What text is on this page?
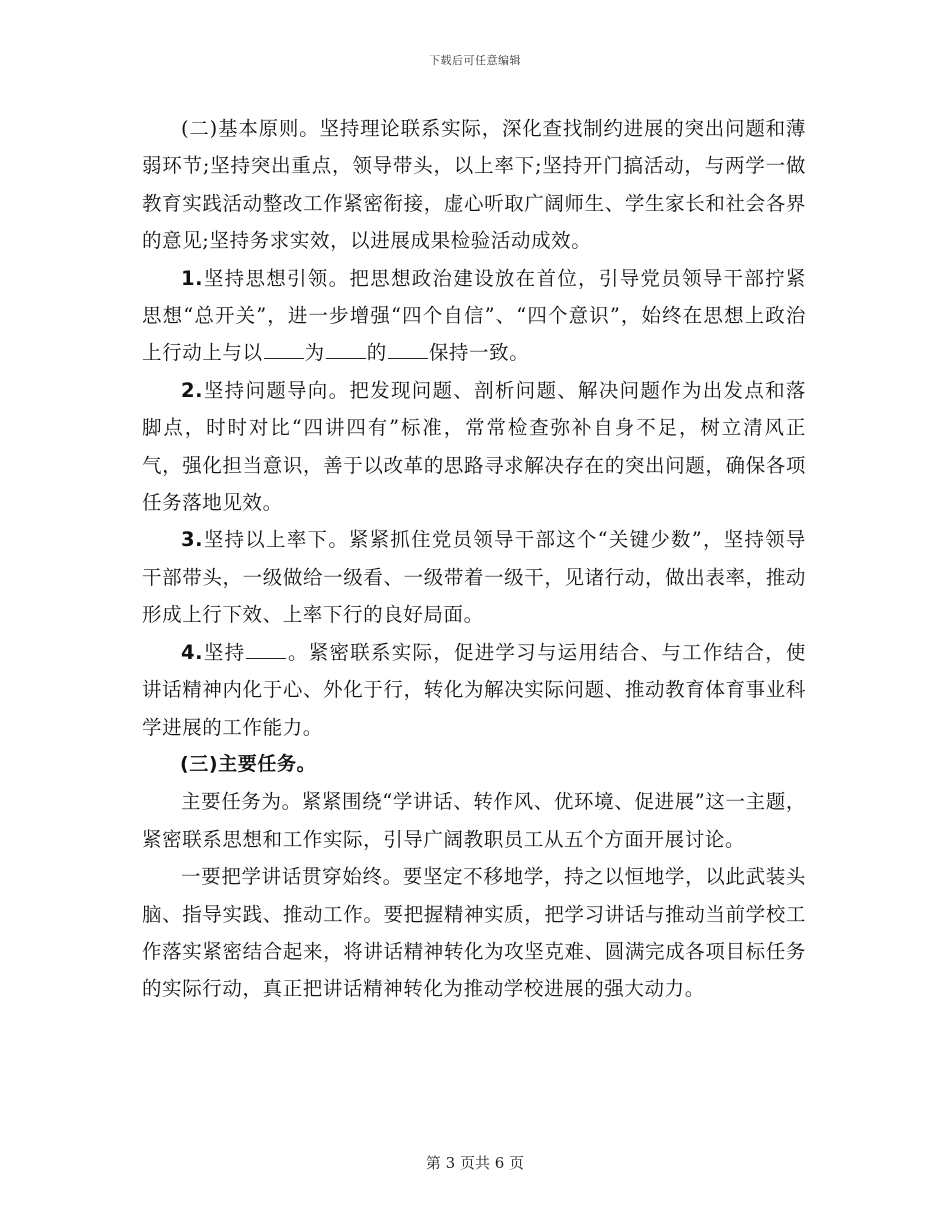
下载后可任意编辑

(二)基本原则。坚持理论联系实际，深化查找制约进展的突出问题和薄弱环节;坚持突出重点，领导带头，以上率下;坚持开门搞活动，与两学一做教育实践活动整改工作紧密衔接，虚心听取广阔师生、学生家长和社会各界的意见;坚持务求实效，以进展成果检验活动成效。

1.坚持思想引领。把思想政治建设放在首位，引导党员领导干部拧紧思想“总开关”，进一步增强“四个自信”、“四个意识”，始终在思想上政治上行动上与以 为 的 保持一致。

2.坚持问题导向。把发现问题、剖析问题、解决问题作为出发点和落脚点，时时对比“四讲四有”标准，常常检查弥补自身不足，树立清风正气，强化担当意识，善于以改革的思路寻求解决存在的突出问题，确保各项任务落地见效。

3.坚持以上率下。紧紧抓住党员领导干部这个“关键少数”，坚持领导干部带头，一级做给一级看、一级带着一级干，见诸行动，做出表率，推动形成上行下效、上率下行的良好局面。

4.坚持 。紧密联系实际，促进学习与运用结合、与工作结合，使讲话精神内化于心、外化于行，转化为解决实际问题、推动教育体育事业科学进展的工作能力。

(三)主要任务。

主要任务为。紧紧围绕“学讲话、转作风、优环境、促进展”这一主题，紧密联系思想和工作实际，引导广阔教职员工从五个方面开展讨论。

一要把学讲话贯穿始终。要坚定不移地学，持之以恒地学，以此武装头脑、指导实践、推动工作。要把握精神实质，把学习讲话与推动当前学校工作落实紧密结合起来，将讲话精神转化为攻坚克难、圆满完成各项目标任务的实际行动，真正把讲话精神转化为推动学校进展的强大动力。

第 3 页共 6 页
